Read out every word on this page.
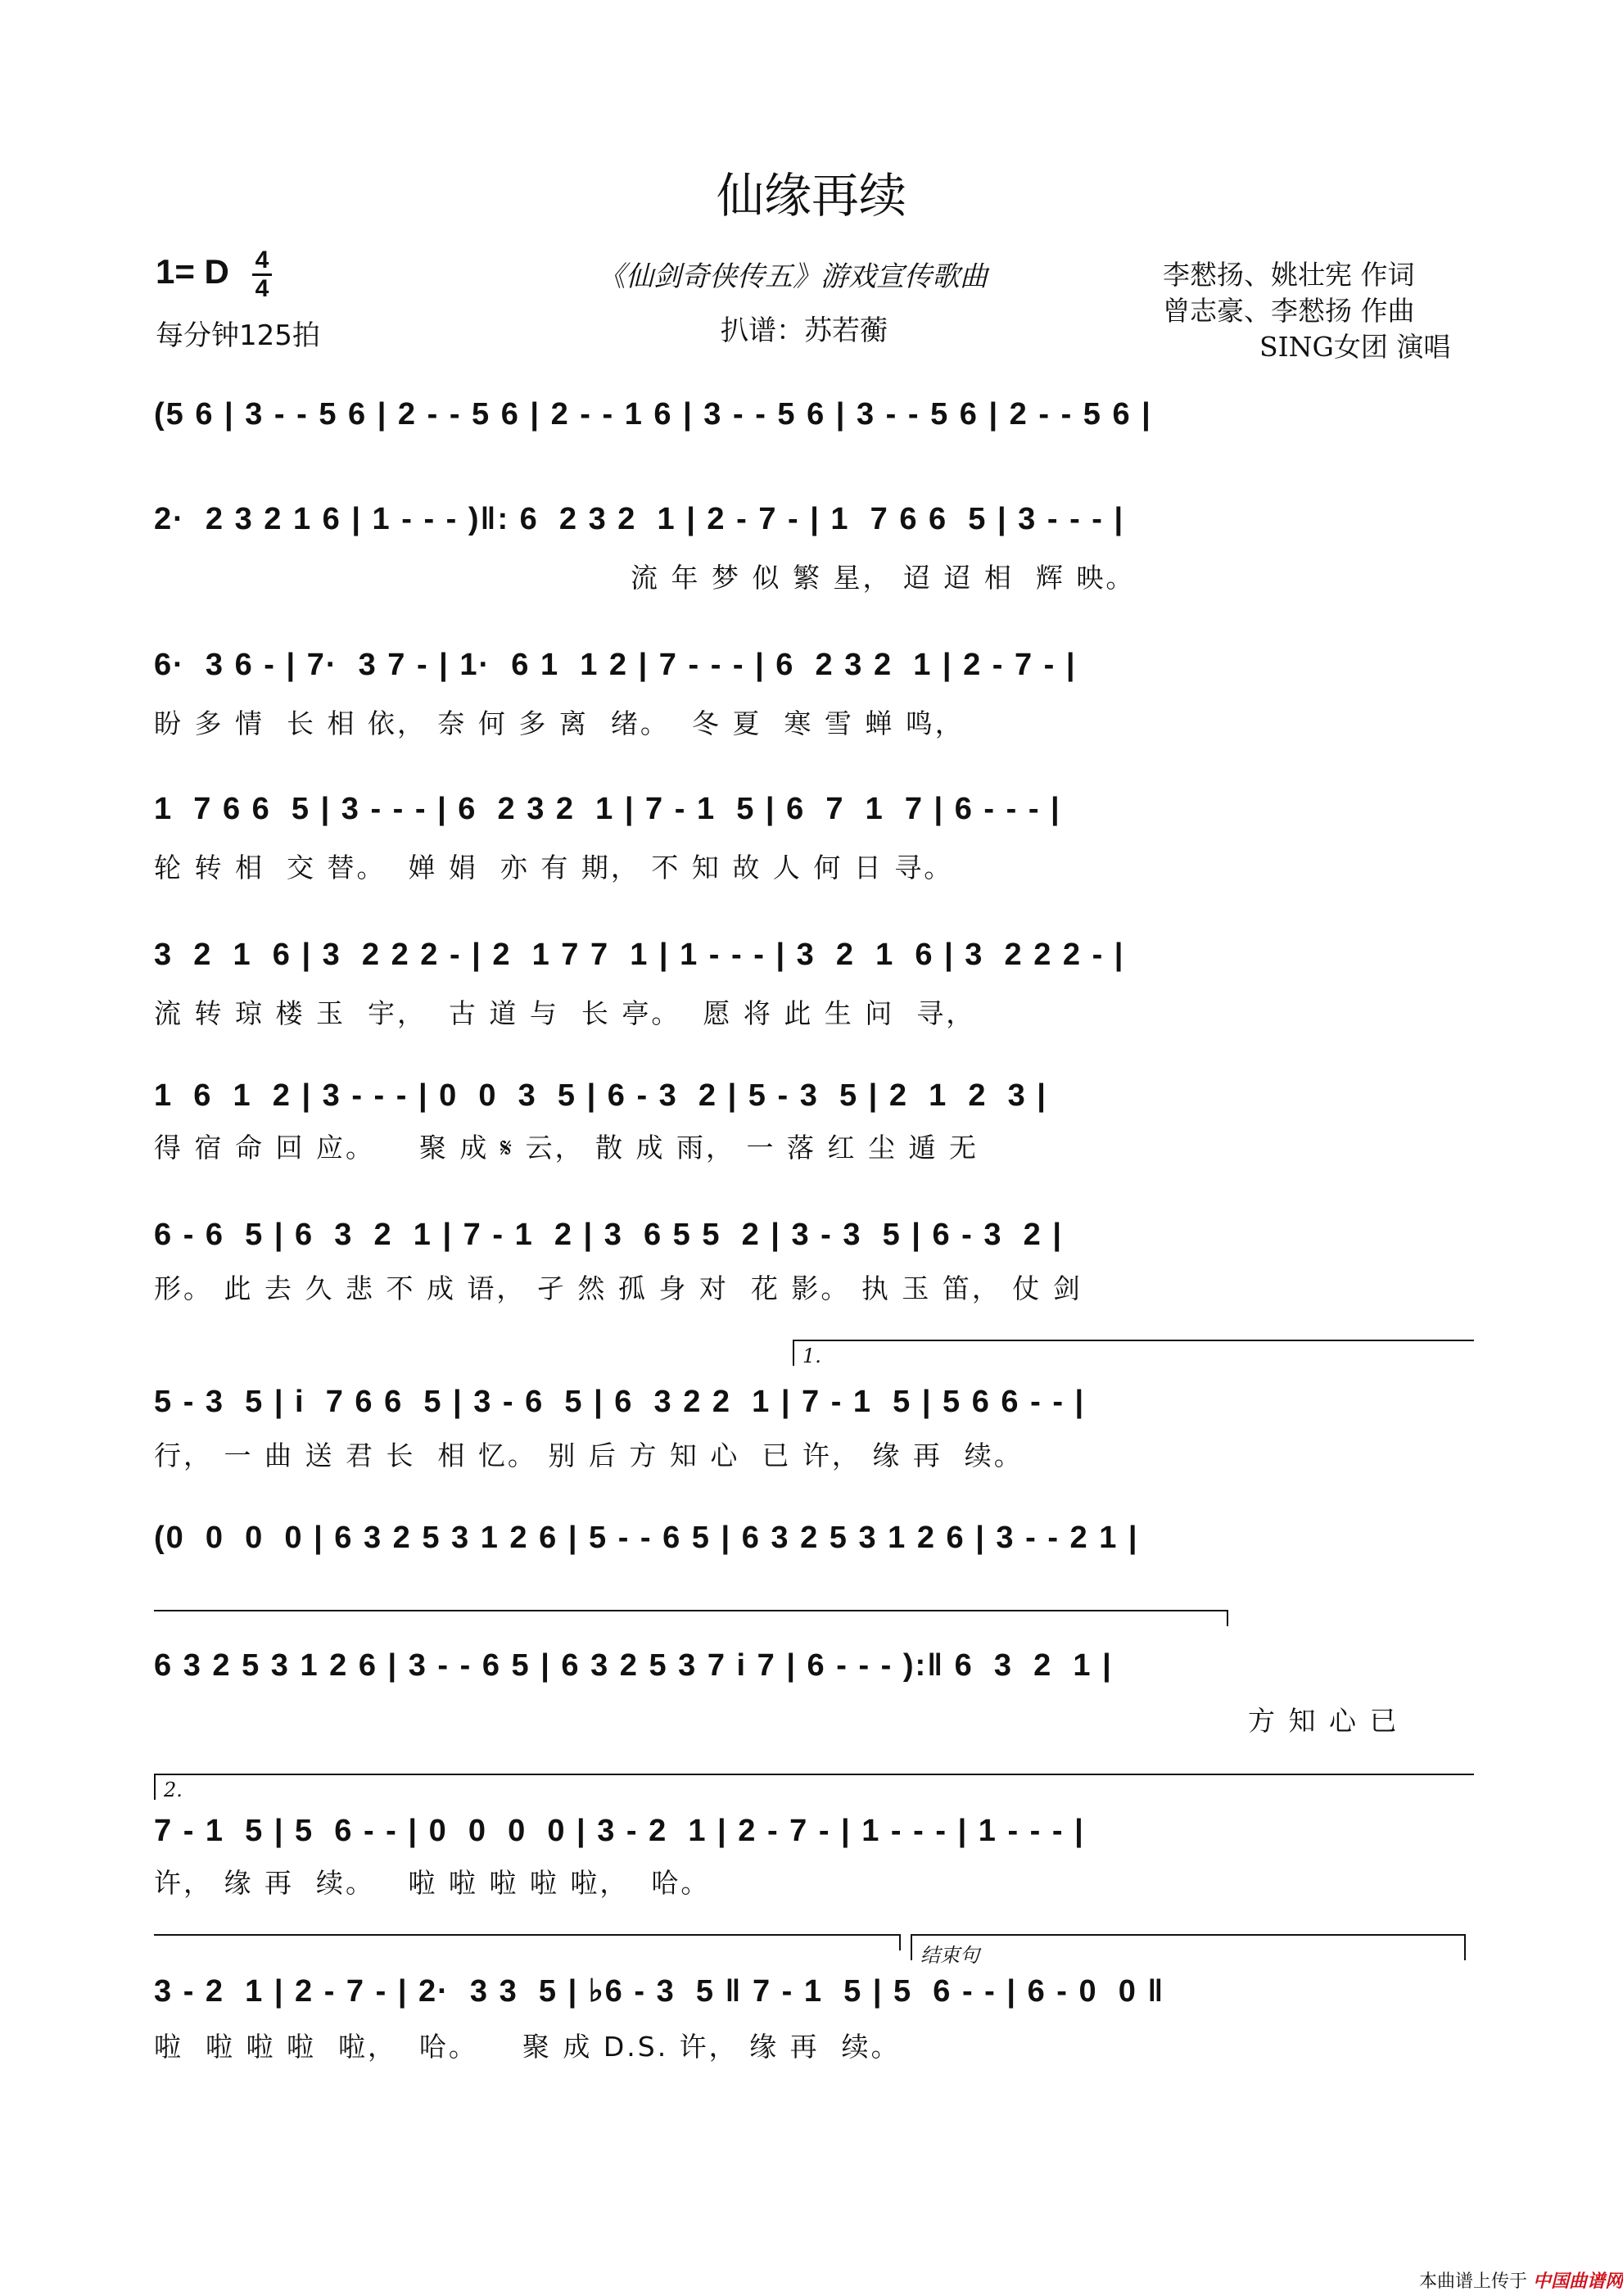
仙缘再续
1= D 4
4
每分钟125拍
《仙剑奇侠传五》游戏宣传歌曲
扒谱：苏若蘅
李憖扬、姚壮宪 作词
曾志豪、李憖扬 作曲
SING女团 演唱
(5 6 | 3 - - 5 6 | 2 - - 5 6 | 2 - - 1 6 | 3 - - 5 6 | 3 - - 5 6 | 2 - - 5 6 |
2·  2 3 2 1 6 | 1 - - - )‖: 6  2 3 2  1 | 2 - 7 - | 1  7 6 6  5 | 3 - - - |
流 年 梦 似 繁 星， 迢 迢 相  辉 映。
6·  3 6 - | 7·  3 7 - | 1·  6 1  1 2 | 7 - - - | 6  2 3 2  1 | 2 - 7 - |
盼 多 情  长 相 依， 奈 何 多 离  绪。  冬 夏  寒 雪 蝉 鸣，
1  7 6 6  5 | 3 - - - | 6  2 3 2  1 | 7 - 1  5 | 6  7  1  7 | 6 - - - |
轮 转 相  交 替。  婵 娟  亦 有 期， 不 知 故 人 何 日 寻。
3  2  1  6 | 3  2 2 2 - | 2  1 7 7  1 | 1 - - - | 3  2  1  6 | 3  2 2 2 - |
流 转 琼 楼 玉  宇，  古 道 与  长 亭。  愿 将 此 生 问  寻，
1  6  1  2 | 3 - - - | 0  0  3  5 | 6 - 3  2 | 5 - 3  5 | 2  1  2  3 |
得 宿 命 回 应。    聚 成 𝄋 云， 散 成 雨， 一 落 红 尘 遁 无
6 - 6  5 | 6  3  2  1 | 7 - 1  2 | 3  6 5 5  2 | 3 - 3  5 | 6 - 3  2 |
形。 此 去 久 悲 不 成 语， 孑 然 孤 身 对  花 影。 执 玉 笛， 仗 剑
1.
5 - 3  5 | i  7 6 6  5 | 3 - 6  5 | 6  3 2 2  1 | 7 - 1  5 | 5 6 6 - - |
行， 一 曲 送 君 长  相 忆。 别 后 方 知 心  已 许， 缘 再  续。
(0  0  0  0 | 6 3 2 5 3 1 2 6 | 5 - - 6 5 | 6 3 2 5 3 1 2 6 | 3 - - 2 1 |
6 3 2 5 3 1 2 6 | 3 - - 6 5 | 6 3 2 5 3 7 i 7 | 6 - - - ):‖ 6  3  2  1 |
方 知 心 已
2.
7 - 1  5 | 5  6 - - | 0  0  0  0 | 3 - 2  1 | 2 - 7 - | 1 - - - | 1 - - - |
许， 缘 再  续。   啦 啦 啦 啦 啦，  哈。
结束句
3 - 2  1 | 2 - 7 - | 2·  3 3  5 | ♭6 - 3  5 ‖ 7 - 1  5 | 5  6 - - | 6 - 0  0 ‖
啦  啦 啦 啦  啦，  哈。    聚 成 D.S. 许， 缘 再  续。
本曲谱上传于 中国曲谱网
